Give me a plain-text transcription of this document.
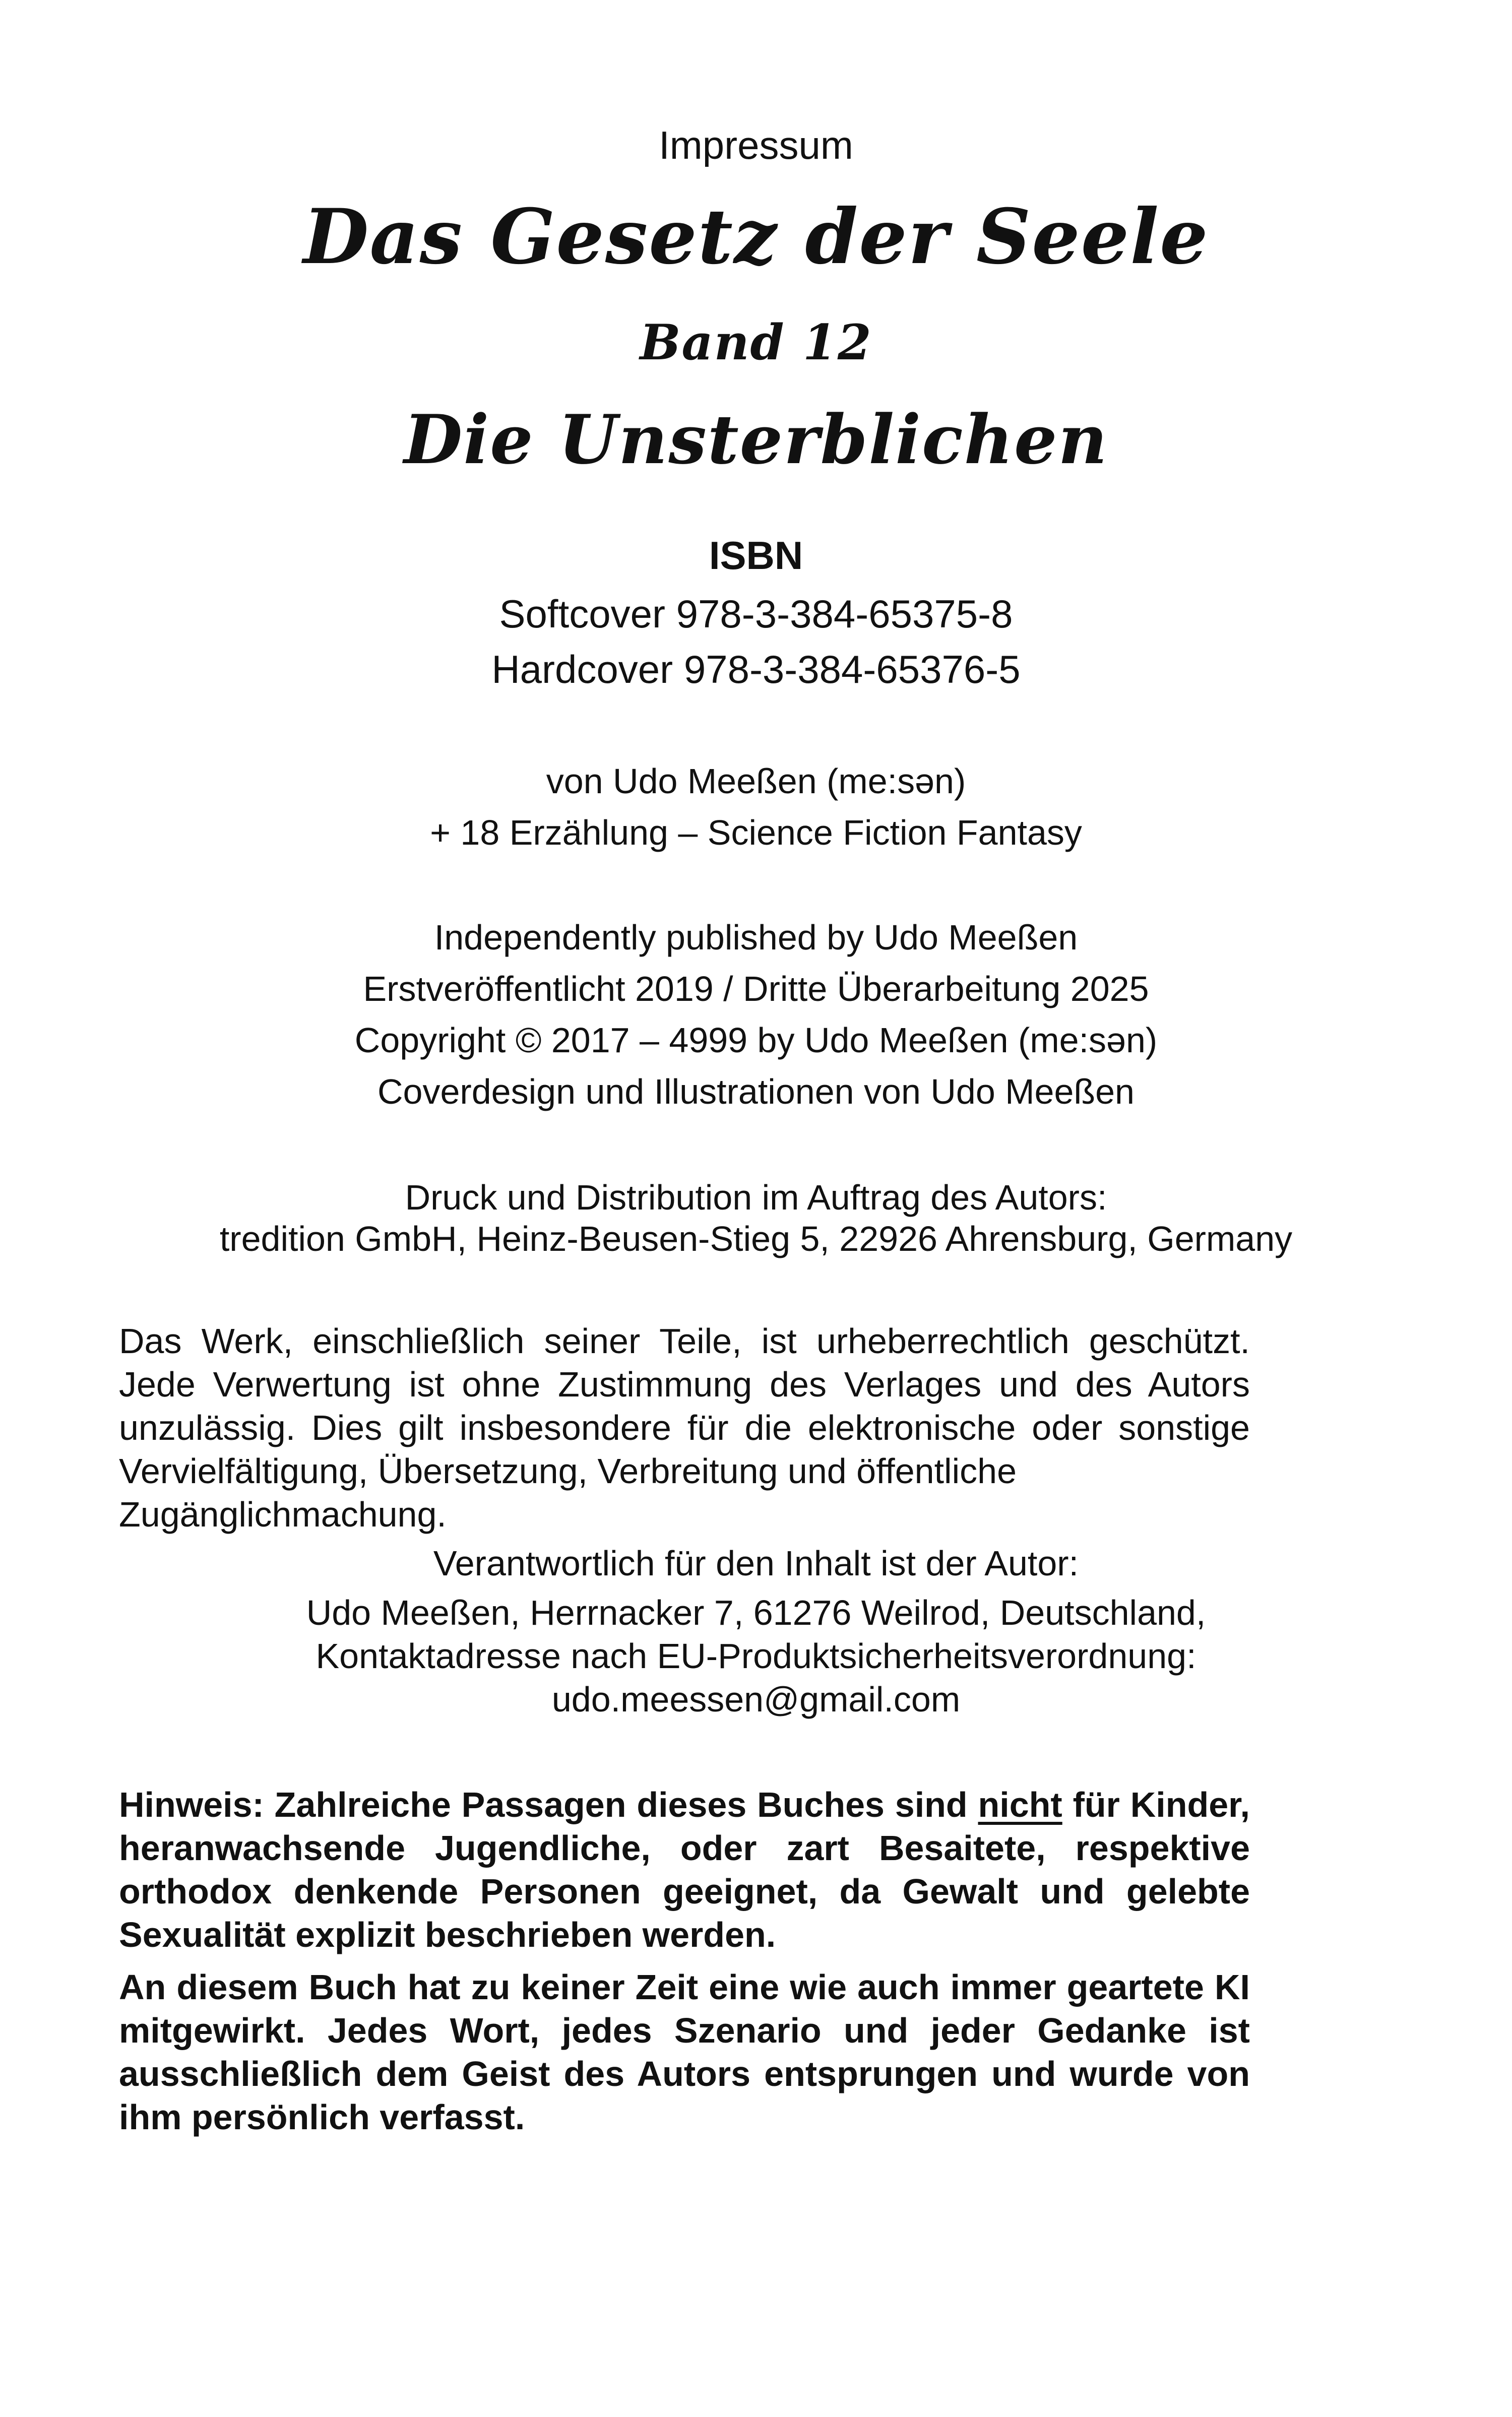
Impressum
Das Gesetz der Seele
Band 12
Die Unsterblichen
ISBN
Softcover 978-3-384-65375-8
Hardcover 978-3-384-65376-5
von Udo Meeßen (me:sən)
+ 18 Erzählung – Science Fiction Fantasy
Independently published by Udo Meeßen
Erstveröffentlicht 2019 / Dritte Überarbeitung 2025
Copyright © 2017 – 4999 by Udo Meeßen (me:sən)
Coverdesign und Illustrationen von Udo Meeßen
Druck und Distribution im Auftrag des Autors:
tredition GmbH, Heinz-Beusen-Stieg 5, 22926 Ahrensburg, Germany
Das Werk, einschließlich seiner Teile, ist urheberrechtlich geschützt. Jede Verwertung ist ohne Zustimmung des Verlages und des Autors unzulässig. Dies gilt insbesondere für die elektronische oder sonstige Vervielfältigung, Übersetzung, Verbreitung und öffentliche
Zugänglichmachung.
Verantwortlich für den Inhalt ist der Autor:
Udo Meeßen, Herrnacker 7, 61276 Weilrod, Deutschland,
Kontaktadresse nach EU-Produktsicherheitsverordnung:
udo.meessen@gmail.com
Hinweis: Zahlreiche Passagen dieses Buches sind nicht für Kinder, heranwachsende Jugendliche, oder zart Besaitete, respektive orthodox denkende Personen geeignet, da Gewalt und gelebte Sexualität explizit beschrieben werden.
An diesem Buch hat zu keiner Zeit eine wie auch immer geartete KI mitgewirkt. Jedes Wort, jedes Szenario und jeder Gedanke ist ausschließlich dem Geist des Autors entsprungen und wurde von ihm persönlich verfasst.
